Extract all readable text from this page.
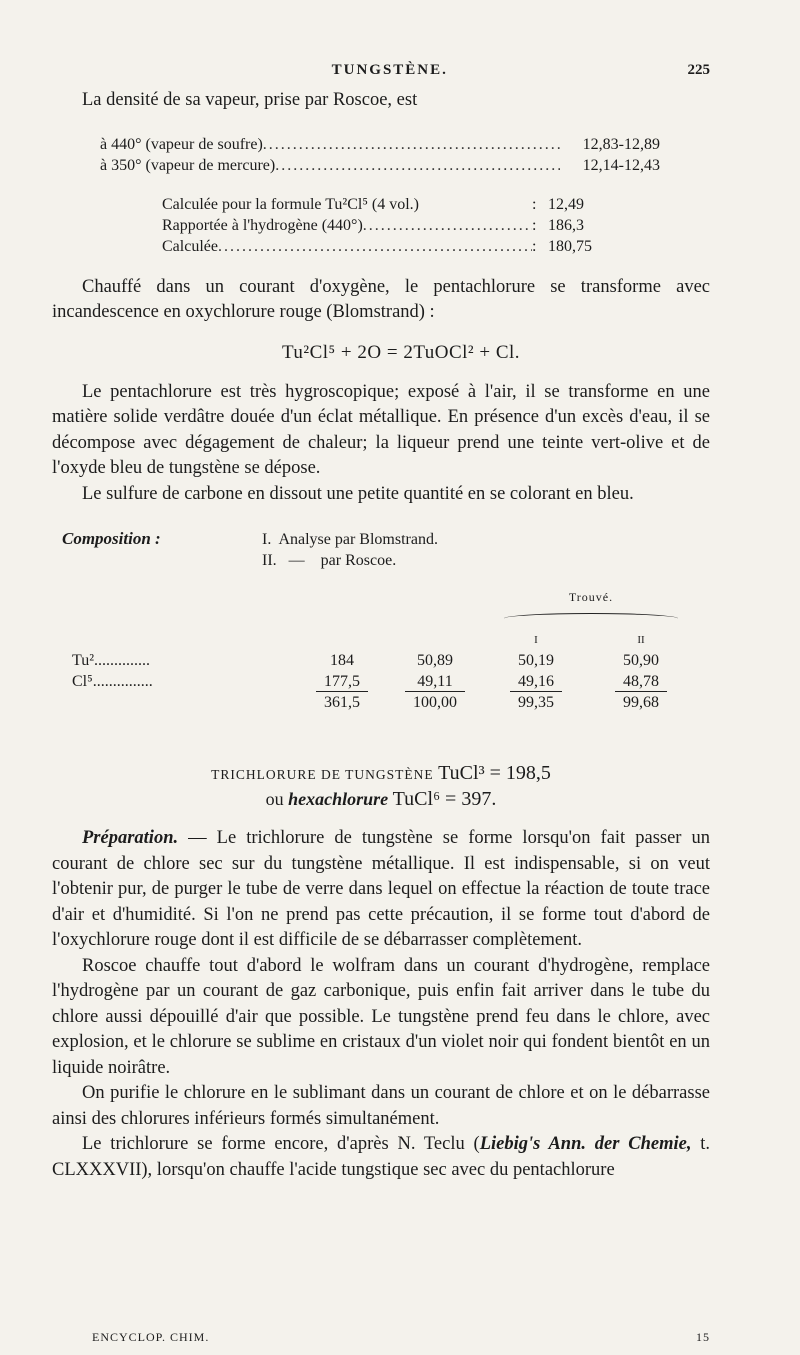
TUNGSTÈNE.	225

La densité de sa vapeur, prise par Roscoe, est

à 440° (vapeur de soufre) .....	12,83-12,89
à 350° (vapeur de mercure) .....	12,14-12,43
Calculée pour la formule Tu²Cl⁵ (4 vol.)	: 12,49
Rapportée à l'hydrogène (440°) .....	: 186,3
Calculée .....	: 180,75

Chauffé dans un courant d'oxygène, le pentachlorure se transforme avec incandescence en oxychlorure rouge (Blomstrand) :

Tu²Cl⁵ + 2O = 2TuOCl² + Cl.

Le pentachlorure est très hygroscopique; exposé à l'air, il se transforme en une matière solide verdâtre douée d'un éclat métallique. En présence d'un excès d'eau, il se décompose avec dégagement de chaleur; la liqueur prend une teinte vert-olive et de l'oxyde bleu de tungstène se dépose.

Le sulfure de carbone en dissout une petite quantité en se colorant en bleu.

Composition :	I.  Analyse par Blomstrand.
II.   —    par Roscoe.
			Trouvé.	

			I	II
Tu²..............	184	50,89	50,19	50,90
Cl⁵...............	177,5	49,11	49,16	48,78
	361,5	100,00	99,35	99,68
TRICHLORURE DE TUNGSTÈNE TuCl³ = 198,5
ou hexachlorure TuCl⁶ = 397.

Préparation. — Le trichlorure de tungstène se forme lorsqu'on fait passer un courant de chlore sec sur du tungstène métallique. Il est indispensable, si on veut l'obtenir pur, de purger le tube de verre dans lequel on effectue la réaction de toute trace d'air et d'humidité. Si l'on ne prend pas cette précaution, il se forme tout d'abord de l'oxychlorure rouge dont il est difficile de se débarrasser complètement.

Roscoe chauffe tout d'abord le wolfram dans un courant d'hydrogène, remplace l'hydrogène par un courant de gaz carbonique, puis enfin fait arriver dans le tube du chlore aussi dépouillé d'air que possible. Le tungstène prend feu dans le chlore, avec explosion, et le chlorure se sublime en cristaux d'un violet noir qui fondent bientôt en un liquide noirâtre.

On purifie le chlorure en le sublimant dans un courant de chlore et on le débarrasse ainsi des chlorures inférieurs formés simultanément.

Le trichlorure se forme encore, d'après N. Teclu (Liebig's Ann. der Chemie, t. CLXXXVII), lorsqu'on chauffe l'acide tungstique sec avec du pentachlorure

ENCYCLOP. CHIM.	15
